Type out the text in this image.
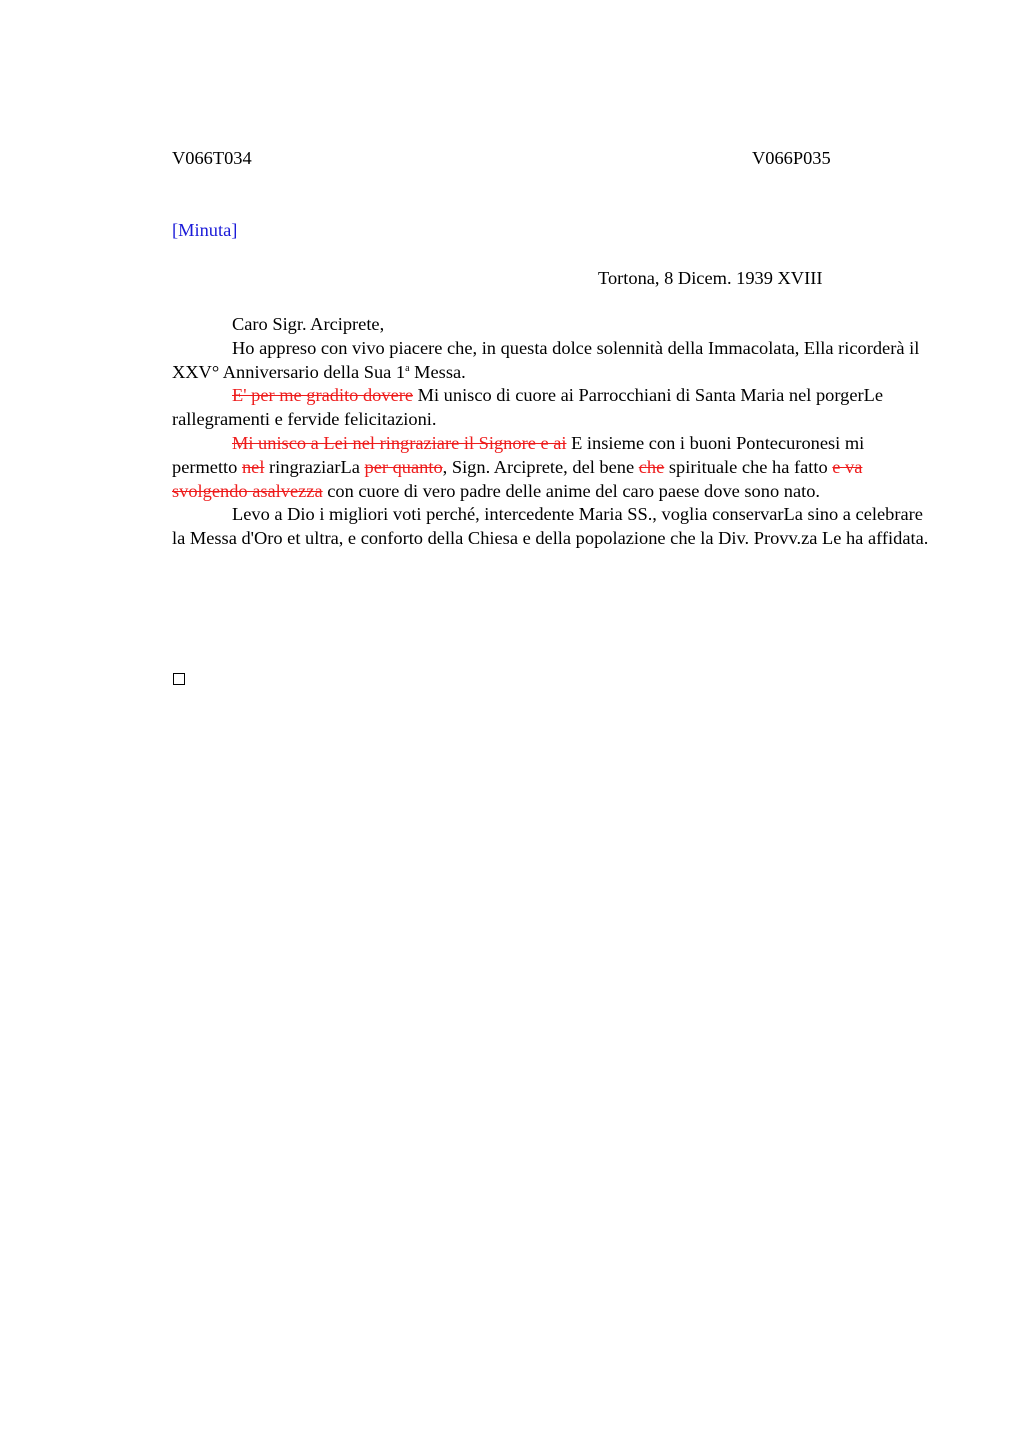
V066T034	V066P035
[Minuta]
Tortona, 8 Dicem. 1939 XVIII

Caro Sigr. Arciprete,

Ho appreso con vivo piacere che, in questa dolce solennità della Immacolata, Ella ricorderà il XXV° Anniversario della Sua 1$^a$ Messa.

E' per me gradito dovere Mi unisco di cuore ai Parrocchiani di Santa Maria nel porgerLe rallegramenti e fervide felicitazioni.

Mi unisco a Lei nel ringraziare il Signore e ai E insieme con i buoni Pontecuronesi mi permetto nel ringraziarLa per quanto, Sign. Arciprete, del bene che spirituale che ha fatto e va svolgendo asalvezza con cuore di vero padre delle anime del caro paese dove sono nato.

Levo a Dio i migliori voti perché, intercedente Maria SS., voglia conservarLa sino a celebrare la Messa d'Oro et ultra, e conforto della Chiesa e della popolazione che la Div. Provv.za Le ha affidata.
